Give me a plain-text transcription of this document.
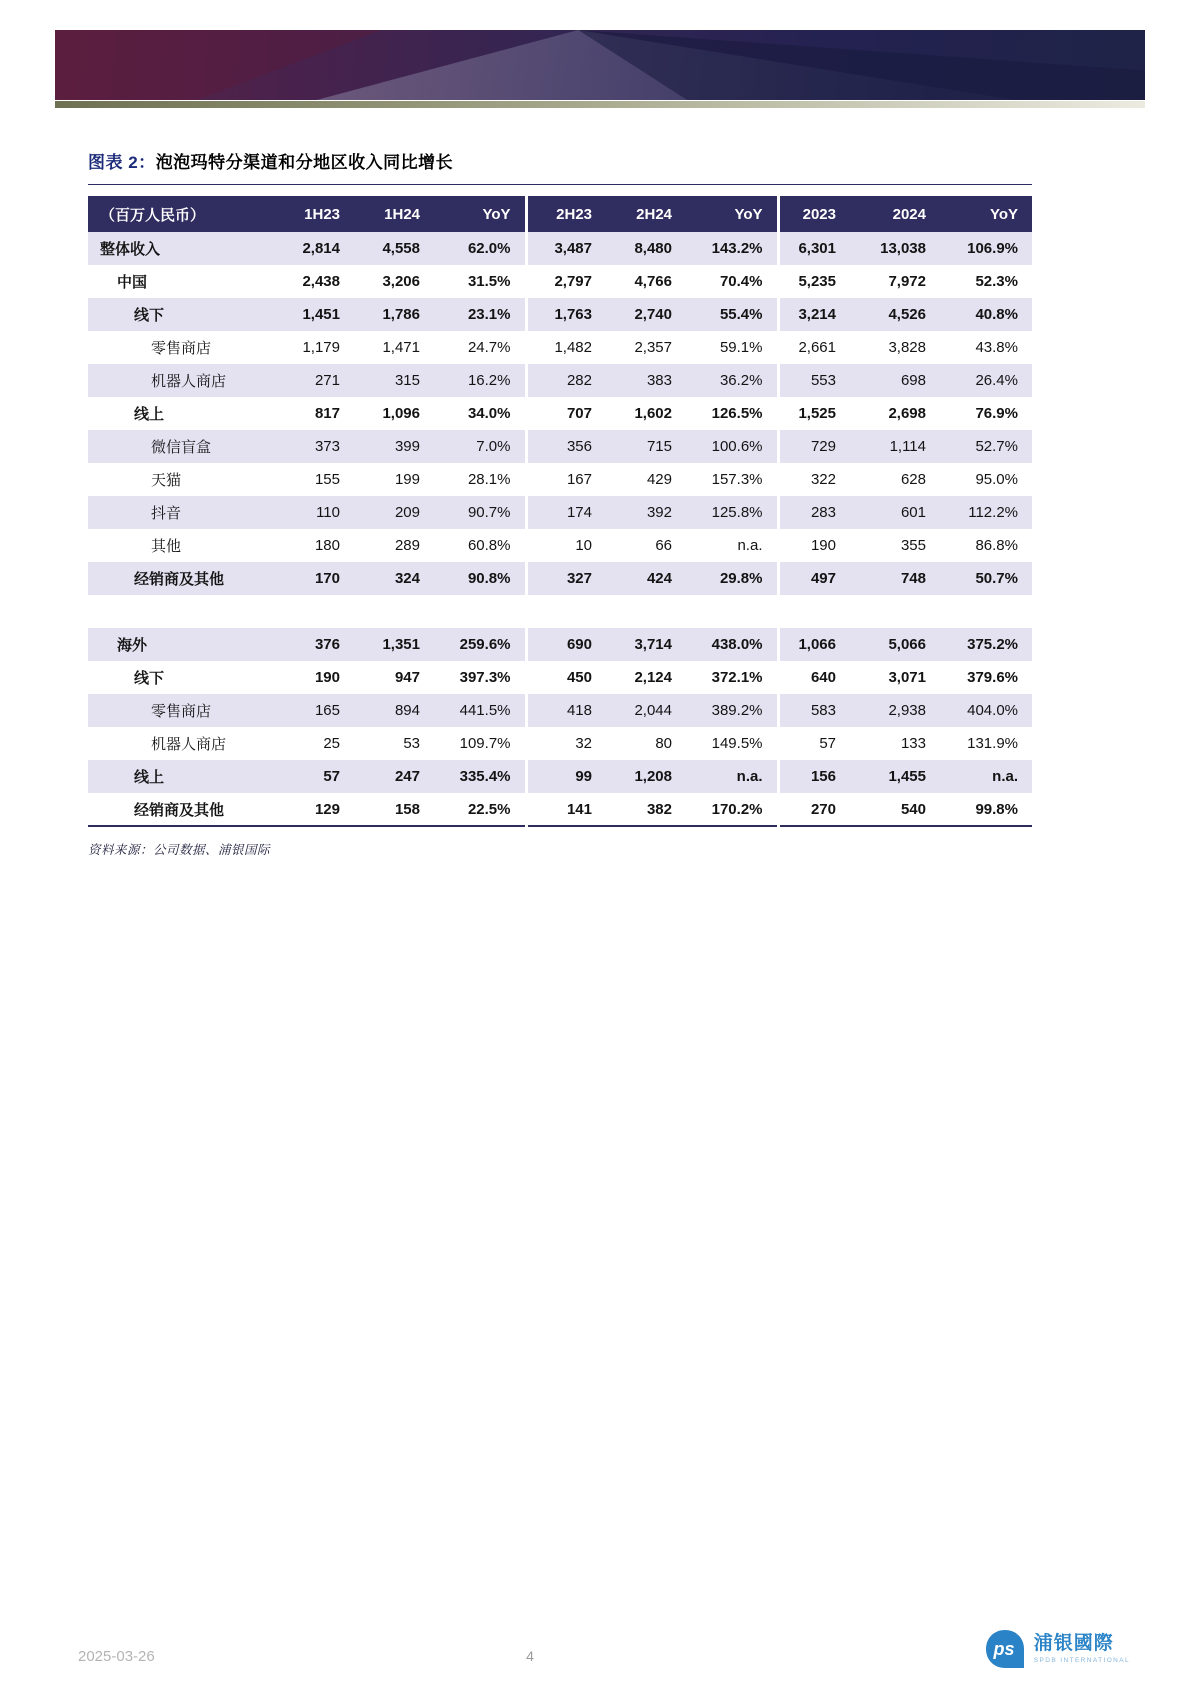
图表 2：泡泡玛特分渠道和分地区收入同比增长
（百万人民币）	1H23	1H24	YoY	2H23	2H24	YoY	2023	2024	YoY
整体收入	2,814	4,558	62.0%	3,487	8,480	143.2%	6,301	13,038	106.9%
中国	2,438	3,206	31.5%	2,797	4,766	70.4%	5,235	7,972	52.3%
线下	1,451	1,786	23.1%	1,763	2,740	55.4%	3,214	4,526	40.8%
零售商店	1,179	1,471	24.7%	1,482	2,357	59.1%	2,661	3,828	43.8%
机器人商店	271	315	16.2%	282	383	36.2%	553	698	26.4%
线上	817	1,096	34.0%	707	1,602	126.5%	1,525	2,698	76.9%
微信盲盒	373	399	7.0%	356	715	100.6%	729	1,114	52.7%
天猫	155	199	28.1%	167	429	157.3%	322	628	95.0%
抖音	110	209	90.7%	174	392	125.8%	283	601	112.2%
其他	180	289	60.8%	10	66	n.a.	190	355	86.8%
经销商及其他	170	324	90.8%	327	424	29.8%	497	748	50.7%

海外	376	1,351	259.6%	690	3,714	438.0%	1,066	5,066	375.2%
线下	190	947	397.3%	450	2,124	372.1%	640	3,071	379.6%
零售商店	165	894	441.5%	418	2,044	389.2%	583	2,938	404.0%
机器人商店	25	53	109.7%	32	80	149.5%	57	133	131.9%
线上	57	247	335.4%	99	1,208	n.a.	156	1,455	n.a.
经销商及其他	129	158	22.5%	141	382	170.2%	270	540	99.8%
资料来源：公司数据、浦银国际
2025-03-26	4	ps 浦银國際
SPDB INTERNATIONAL
